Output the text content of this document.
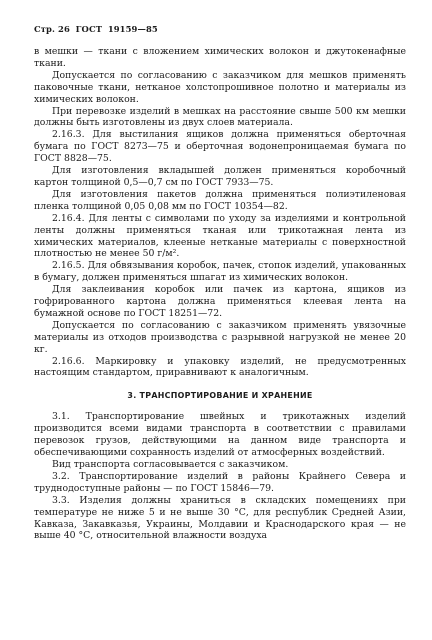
Стр. 26 ГОСТ 19159—85

в мешки — ткани с вложением химических волокон и джутокенафные ткани.

Допускается по согласованию с заказчиком для мешков применять паковочные ткани, нетканое холстопрошивное полотно и материалы из химических волокон.

При перевозке изделий в мешках на расстояние свыше 500 км мешки должны быть изготовлены из двух слоев материала.

2.16.3. Для выстилания ящиков должна применяться оберточная бумага по ГОСТ 8273—75 и оберточная водонепроницаемая бумага по ГОСТ 8828—75.

Для изготовления вкладышей должен применяться коробочный картон толщиной 0,5—0,7 см по ГОСТ 7933—75.

Для изготовления пакетов должна применяться полиэтиленовая пленка толщиной 0,05 0,08 мм по ГОСТ 10354—82.

2.16.4. Для ленты с символами по уходу за изделиями и контрольной ленты должны применяться тканая или трикотажная лента из химических материалов, клееные нетканые материалы с поверхностной плотностью не менее 50 г/м².

2.16.5. Для обвязывания коробок, пачек, стопок изделий, упакованных в бумагу, должен применяться шпагат из химических волокон.

Для заклеивания коробок или пачек из картона, ящиков из гофрированного картона должна применяться клеевая лента на бумажной основе по ГОСТ 18251—72.

Допускается по согласованию с заказчиком применять увязочные материалы из отходов производства с разрывной нагрузкой не менее 20 кг.

2.16.6. Маркировку и упаковку изделий, не предусмотренных настоящим стандартом, приравнивают к аналогичным.

3. ТРАНСПОРТИРОВАНИЕ И ХРАНЕНИЕ

3.1. Транспортирование швейных и трикотажных изделий производится всеми видами транспорта в соответствии с правилами перевозок грузов, действующими на данном виде транспорта и обеспечивающими сохранность изделий от атмосферных воздействий.

Вид транспорта согласовывается с заказчиком.

3.2. Транспортирование изделий в районы Крайнего Севера и труднодоступные районы — по ГОСТ 15846—79.

3.3. Изделия должны храниться в складских помещениях при температуре не ниже 5 и не выше 30 °С, для республик Средней Азии, Кавказа, Закавказья, Украины, Молдавии и Краснодарского края — не выше 40 °С, относительной влажности воздуха
